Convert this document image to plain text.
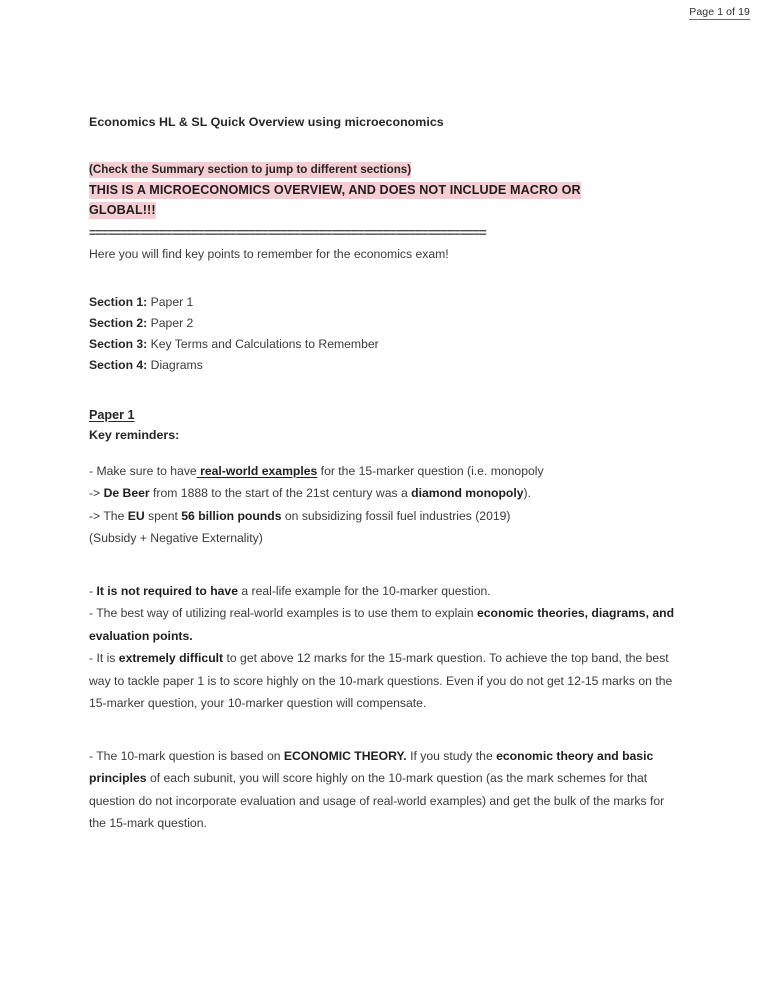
Page 1 of 19
Economics HL & SL Quick Overview using microeconomics
(Check the Summary section to jump to different sections)
THIS IS A MICROECONOMICS OVERVIEW, AND DOES NOT INCLUDE MACRO OR
GLOBAL!!!
==============================================================
Here you will find key points to remember for the economics exam!
Section 1: Paper 1
Section 2: Paper 2
Section 3: Key Terms and Calculations to Remember
Section 4: Diagrams
Paper 1
Key reminders:
- Make sure to have real-world examples for the 15-marker question (i.e. monopoly
-> De Beer from 1888 to the start of the 21st century was a diamond monopoly).
-> The EU spent 56 billion pounds on subsidizing fossil fuel industries (2019)
(Subsidy + Negative Externality)
- It is not required to have a real-life example for the 10-marker question.
- The best way of utilizing real-world examples is to use them to explain economic theories, diagrams, and evaluation points.
- It is extremely difficult to get above 12 marks for the 15-mark question. To achieve the top band, the best way to tackle paper 1 is to score highly on the 10-mark questions. Even if you do not get 12-15 marks on the 15-marker question, your 10-marker question will compensate.
- The 10-mark question is based on ECONOMIC THEORY. If you study the economic theory and basic principles of each subunit, you will score highly on the 10-mark question (as the mark schemes for that question do not incorporate evaluation and usage of real-world examples) and get the bulk of the marks for the 15-mark question.
